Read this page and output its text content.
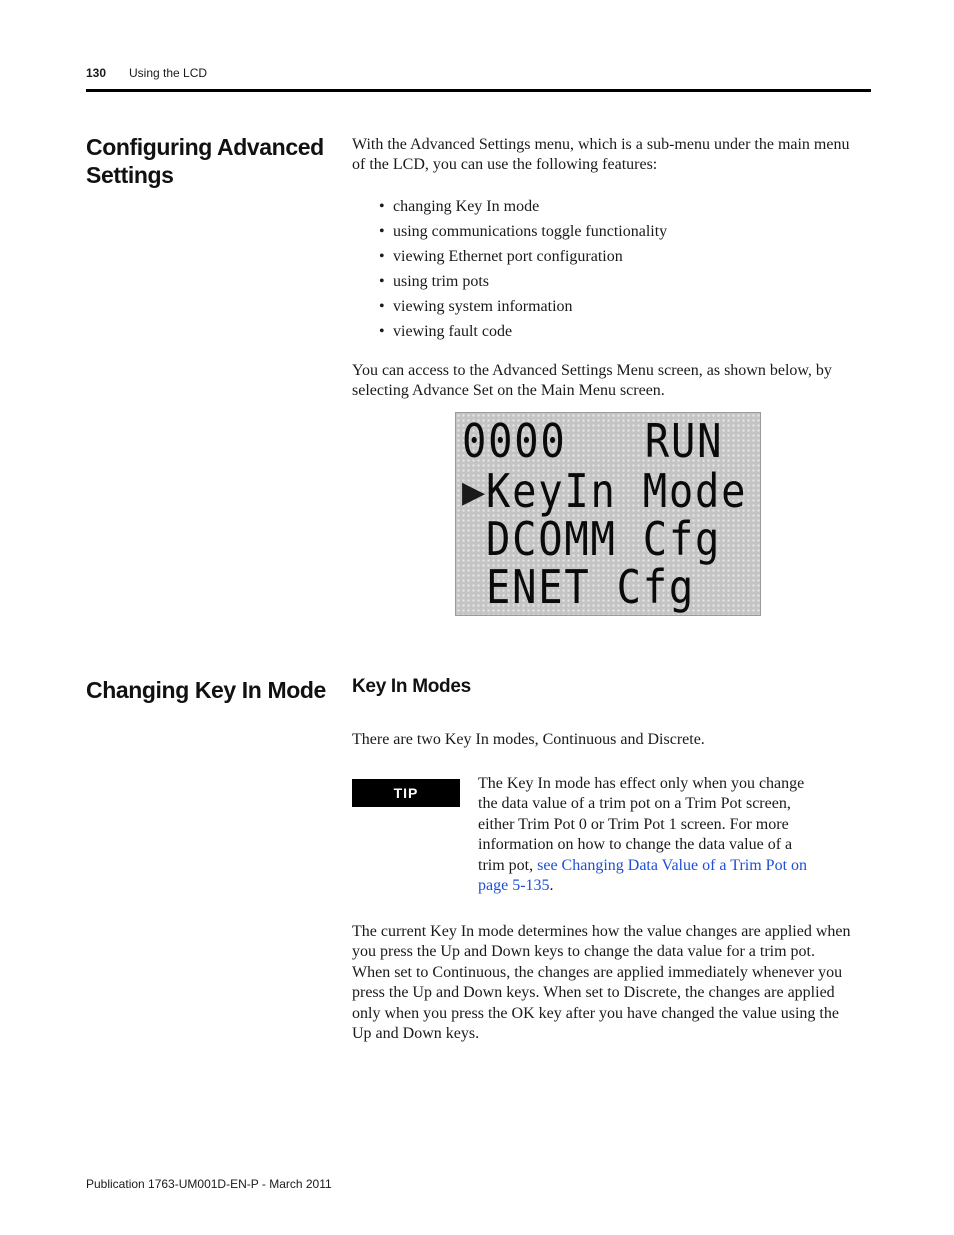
130 Using the LCD
Configuring Advanced
Settings
With the Advanced Settings menu, which is a sub-menu under the main menu
of the LCD, you can use the following features:
• changing Key In mode
• using communications toggle functionality
• viewing Ethernet port configuration
• using trim pots
• viewing system information
• viewing fault code
You can access to the Advanced Settings Menu screen, as shown below, by
selecting Advance Set on the Main Menu screen.
0000   RUN
▶ KeyIn Mode
DCOMM Cfg
ENET Cfg
Changing Key In Mode Key In Modes
There are two Key In modes, Continuous and Discrete.
TIP
The Key In mode has effect only when you change
the data value of a trim pot on a Trim Pot screen,
either Trim Pot 0 or Trim Pot 1 screen. For more
information on how to change the data value of a
trim pot, see Changing Data Value of a Trim Pot on
page 5-135.
The current Key In mode determines how the value changes are applied when
you press the Up and Down keys to change the data value for a trim pot.
When set to Continuous, the changes are applied immediately whenever you
press the Up and Down keys. When set to Discrete, the changes are applied
only when you press the OK key after you have changed the value using the
Up and Down keys.
Publication 1763-UM001D-EN-P - March 2011
